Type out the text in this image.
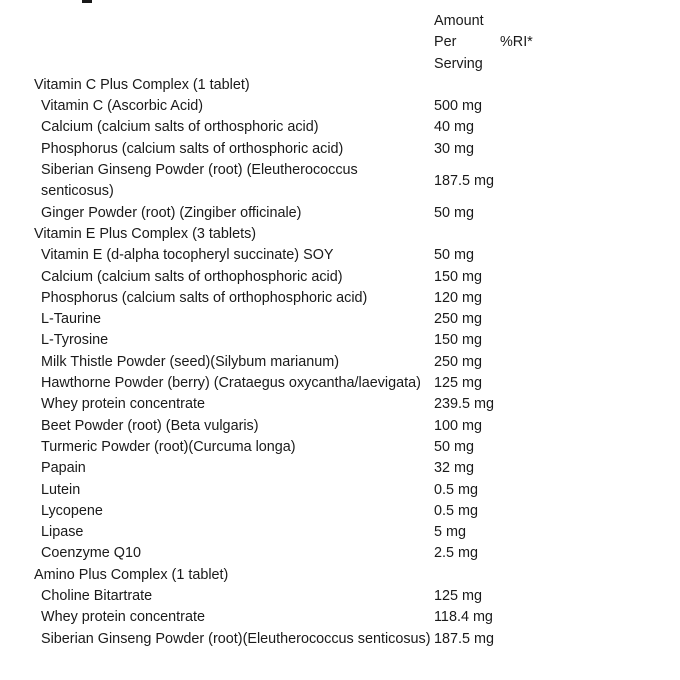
	Amount
Per
Serving	%RI*

Vitamin C Plus Complex (1 tablet)		
Vitamin C (Ascorbic Acid)	500 mg	
Calcium (calcium salts of orthosphoric acid)	40 mg	
Phosphorus (calcium salts of orthosphoric acid)	30 mg	
Siberian Ginseng Powder (root) (Eleutherococcus senticosus)	187.5 mg	
Ginger Powder (root) (Zingiber officinale)	50 mg	
Vitamin E Plus Complex (3 tablets)		
Vitamin E (d-alpha tocopheryl succinate) SOY	50 mg	
Calcium (calcium salts of orthophosphoric acid)	150 mg	
Phosphorus (calcium salts of orthophosphoric acid)	120 mg	
L-Taurine	250 mg	
L-Tyrosine	150 mg	
Milk Thistle Powder (seed)(Silybum marianum)	250 mg	
Hawthorne Powder (berry) (Crataegus oxycantha/laevigata)	125 mg	
Whey protein concentrate	239.5 mg	
Beet Powder (root) (Beta vulgaris)	100 mg	
Turmeric Powder (root)(Curcuma longa)	50 mg	
Papain	32 mg	
Lutein	0.5 mg	
Lycopene	0.5 mg	
Lipase	5 mg	
Coenzyme Q10	2.5 mg	
Amino Plus Complex (1 tablet)		
Choline Bitartrate	125 mg	
Whey protein concentrate	118.4 mg	
Siberian Ginseng Powder (root)(Eleutherococcus senticosus)	187.5 mg	
